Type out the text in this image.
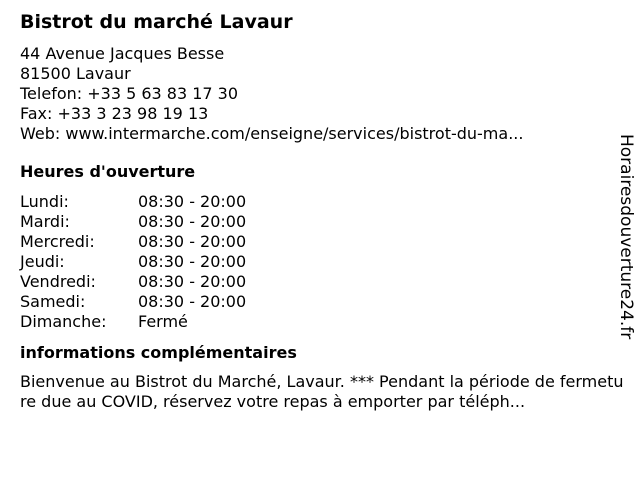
Bistrot du marché Lavaur
44 Avenue Jacques Besse
81500 Lavaur
Telefon: +33 5 63 83 17 30
Fax: +33 3 23 98 19 13
Web: www.intermarche.com/enseigne/services/bistrot-du-ma...
Heures d'ouverture
Lundi:	08:30 - 20:00
Mardi:	08:30 - 20:00
Mercredi:	08:30 - 20:00
Jeudi:	08:30 - 20:00
Vendredi:	08:30 - 20:00
Samedi:	08:30 - 20:00
Dimanche:	Fermé
informations complémentaires
Bienvenue au Bistrot du Marché, Lavaur. *** Pendant la période de fermeture due au COVID, réservez votre repas à emporter par téléph...
Horairesdouverture24.fr
